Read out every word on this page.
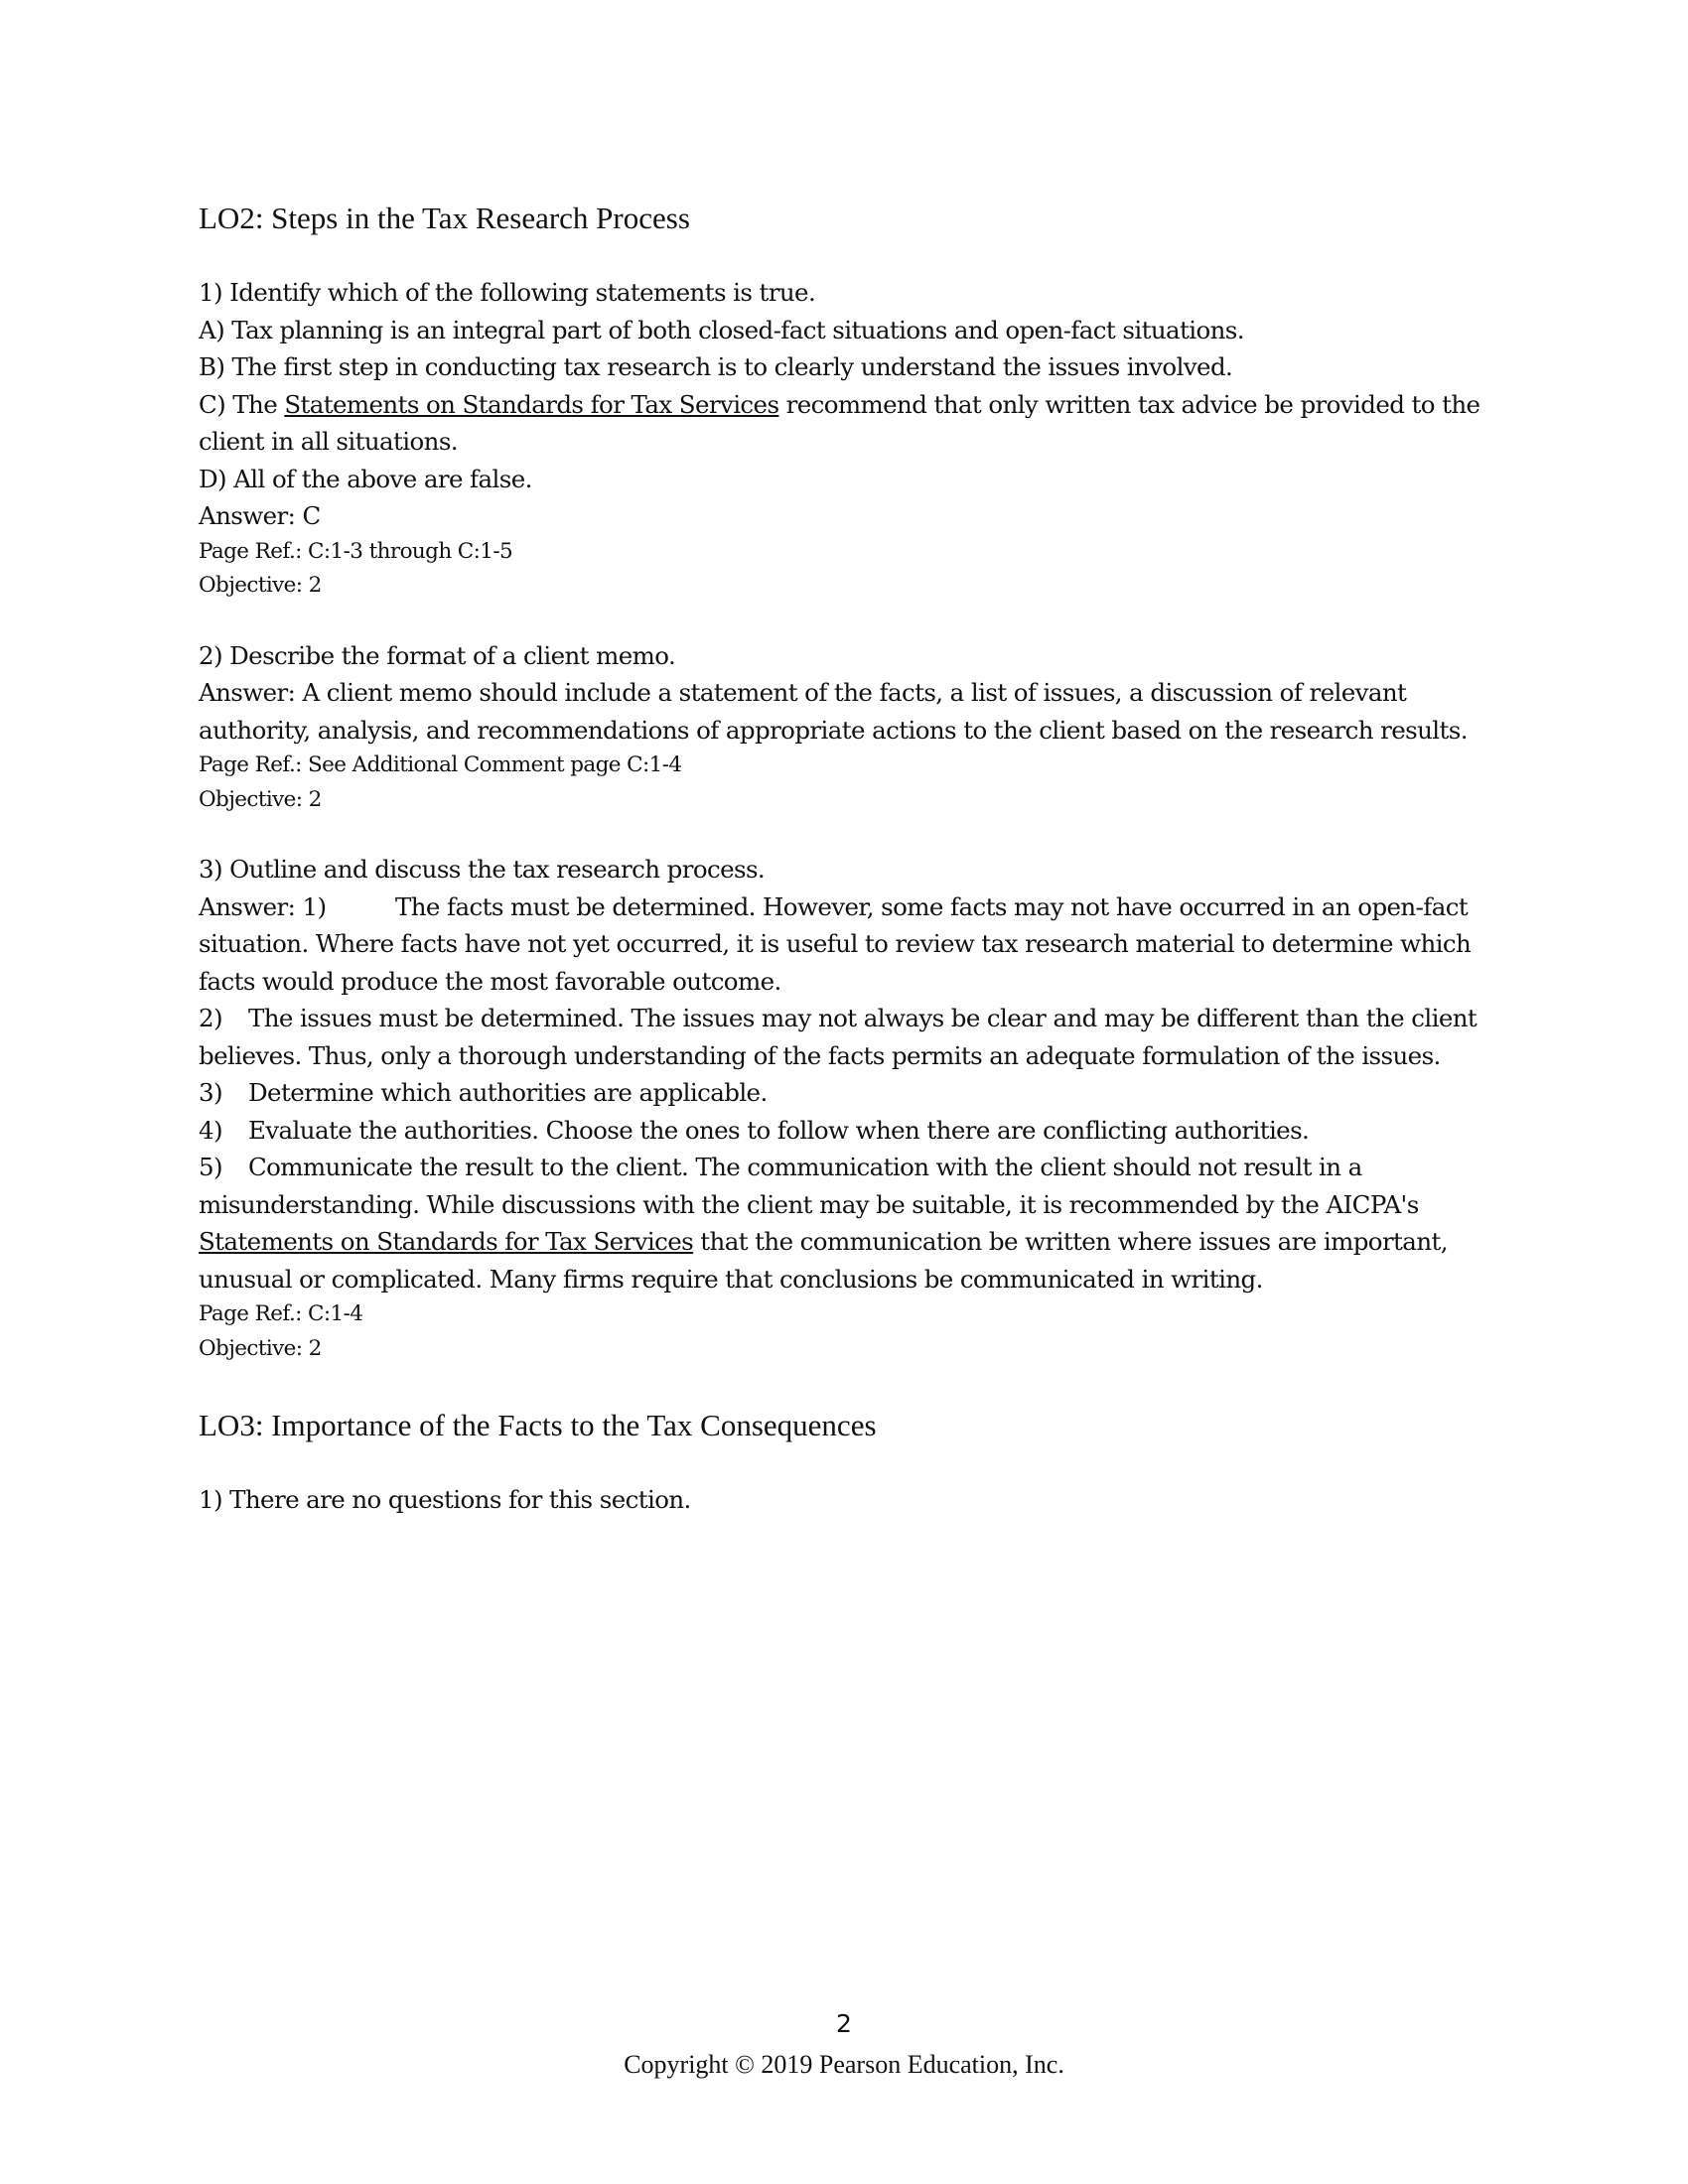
LO2: Steps in the Tax Research Process

1) Identify which of the following statements is true.

A) Tax planning is an integral part of both closed-fact situations and open-fact situations.

B) The first step in conducting tax research is to clearly understand the issues involved.

C) The Statements on Standards for Tax Services recommend that only written tax advice be provided to the client in all situations.

D) All of the above are false.

Answer: C

Page Ref.: C:1-3 through C:1-5

Objective: 2

2) Describe the format of a client memo.

Answer: A client memo should include a statement of the facts, a list of issues, a discussion of relevant authority, analysis, and recommendations of appropriate actions to the client based on the research results.

Page Ref.: See Additional Comment page C:1-4

Objective: 2

3) Outline and discuss the tax research process.

Answer: 1)	The facts must be determined. However, some facts may not have occurred in an open-fact situation. Where facts have not yet occurred, it is useful to review tax research material to determine which facts would produce the most favorable outcome.

2) The issues must be determined. The issues may not always be clear and may be different than the client believes. Thus, only a thorough understanding of the facts permits an adequate formulation of the issues.

3) Determine which authorities are applicable.

4) Evaluate the authorities. Choose the ones to follow when there are conflicting authorities.

5) Communicate the result to the client. The communication with the client should not result in a misunderstanding. While discussions with the client may be suitable, it is recommended by the AICPA's Statements on Standards for Tax Services that the communication be written where issues are important, unusual or complicated. Many firms require that conclusions be communicated in writing.

Page Ref.: C:1-4

Objective: 2

LO3: Importance of the Facts to the Tax Consequences

1) There are no questions for this section.

2
Copyright © 2019 Pearson Education, Inc.
